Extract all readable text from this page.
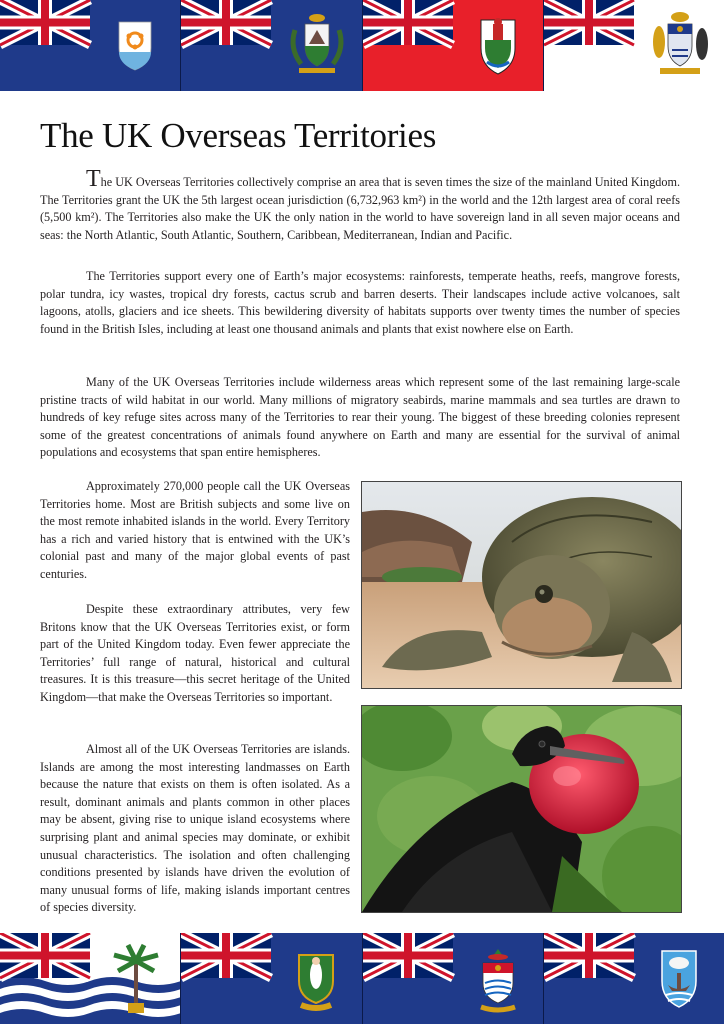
The UK Overseas Territories

The UK Overseas Territories collectively comprise an area that is seven times the size of the mainland United Kingdom. The Territories grant the UK the 5th largest ocean jurisdiction (6,732,963 km²) in the world and the 12th largest area of coral reefs (5,500 km²). The Territories also make the UK the only nation in the world to have sovereign land in all seven major oceans and seas: the North Atlantic, South Atlantic, Southern, Caribbean, Mediterranean, Indian and Pacific.

The Territories support every one of Earth’s major ecosystems: rainforests, temperate heaths, reefs, mangrove forests, polar tundra, icy wastes, tropical dry forests, cactus scrub and barren deserts. Their landscapes include active volcanoes, salt lagoons, atolls, glaciers and ice sheets. This bewildering diversity of habitats supports over twenty times the number of species found in the British Isles, including at least one thousand animals and plants that exist nowhere else on Earth.

Many of the UK Overseas Territories include wilderness areas which represent some of the last remaining large-scale pristine tracts of wild habitat in our world. Many millions of migratory seabirds, marine mammals and sea turtles are drawn to hundreds of key refuge sites across many of the Territories to rear their young. The biggest of these breeding colonies represent some of the greatest concentrations of animals found anywhere on Earth and many are essential for the survival of animal populations and ecosystems that span entire hemispheres.

Approximately 270,000 people call the UK Overseas Territories home. Most are British subjects and some live on the most remote inhabited islands in the world. Every Territory has a rich and varied history that is entwined with the UK’s colonial past and many of the major global events of past centuries.

Despite these extraordinary attributes, very few Britons know that the UK Overseas Territories exist, or form part of the United Kingdom today. Even fewer appreciate the Territories’ full range of natural, historical and cultural treasures. It is this treasure—this secret heritage of the United Kingdom—that make the Overseas Territories so important.

Almost all of the UK Overseas Territories are islands. Islands are among the most interesting landmasses on Earth because the nature that exists on them is often isolated. As a result, dominant animals and plants common in other places may be absent, giving rise to unique island ecosystems where surprising plant and animal species may dominate, or exhibit unusual characteristics. The isolation and often challenging conditions presented by islands have driven the evolution of many unusual forms of life, making islands important centres of species diversity.
